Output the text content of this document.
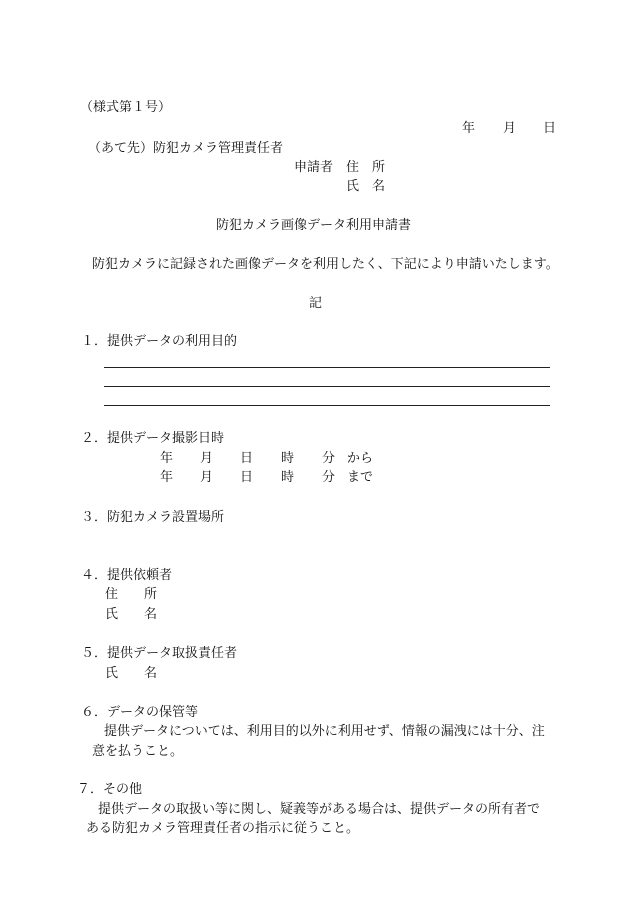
（様式第１号）
年 月 日
（あて先）防犯カメラ管理責任者
申請者 住　所
氏　名
防犯カメラ画像データ利用申請書
防犯カメラに記録された画像データを利用したく、下記により申請いたします。
記
１．提供データの利用目的
２．提供データ撮影日時
年 月 日 時 分 から
年 月 日 時 分 まで
３．防犯カメラ設置場所
４．提供依頼者
住　　所
氏　　名
５．提供データ取扱責任者
氏　　名
６．データの保管等
提供データについては、利用目的以外に利用せず、情報の漏洩には十分、注
意を払うこと。
７．その他
提供データの取扱い等に関し、疑義等がある場合は、提供データの所有者で
ある防犯カメラ管理責任者の指示に従うこと。
